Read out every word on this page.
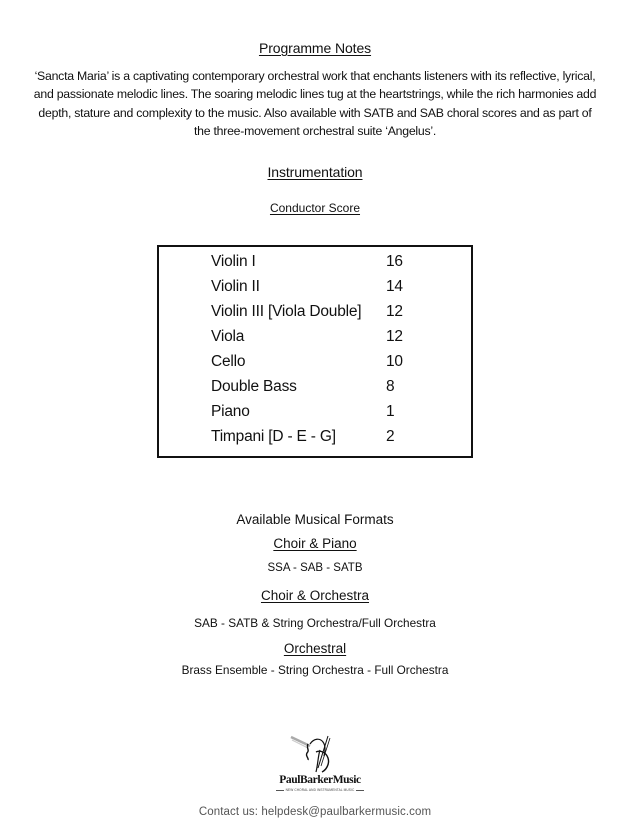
Programme Notes
‘Sancta Maria’ is a captivating contemporary orchestral work that enchants listeners with its reflective, lyrical, and passionate melodic lines. The soaring melodic lines tug at the heartstrings, while the rich harmonies add depth, stature and complexity to the music. Also available with SATB and SAB choral scores and as part of the three-movement orchestral suite ‘Angelus’.
Instrumentation
Conductor Score
Violin I	16
Violin II	14
Violin III [Viola Double] 12
Viola	12
Cello	10
Double Bass	8
Piano	1
Timpani [D - E - G]	2
Available Musical Formats
Choir & Piano
SSA - SAB - SATB
Choir & Orchestra
SAB - SATB & String Orchestra/Full Orchestra
Orchestral
Brass Ensemble - String Orchestra - Full Orchestra
PaulBarkerMusic
NEW CHORAL AND INSTRUMENTAL MUSIC
Contact us: helpdesk@paulbarkermusic.com
